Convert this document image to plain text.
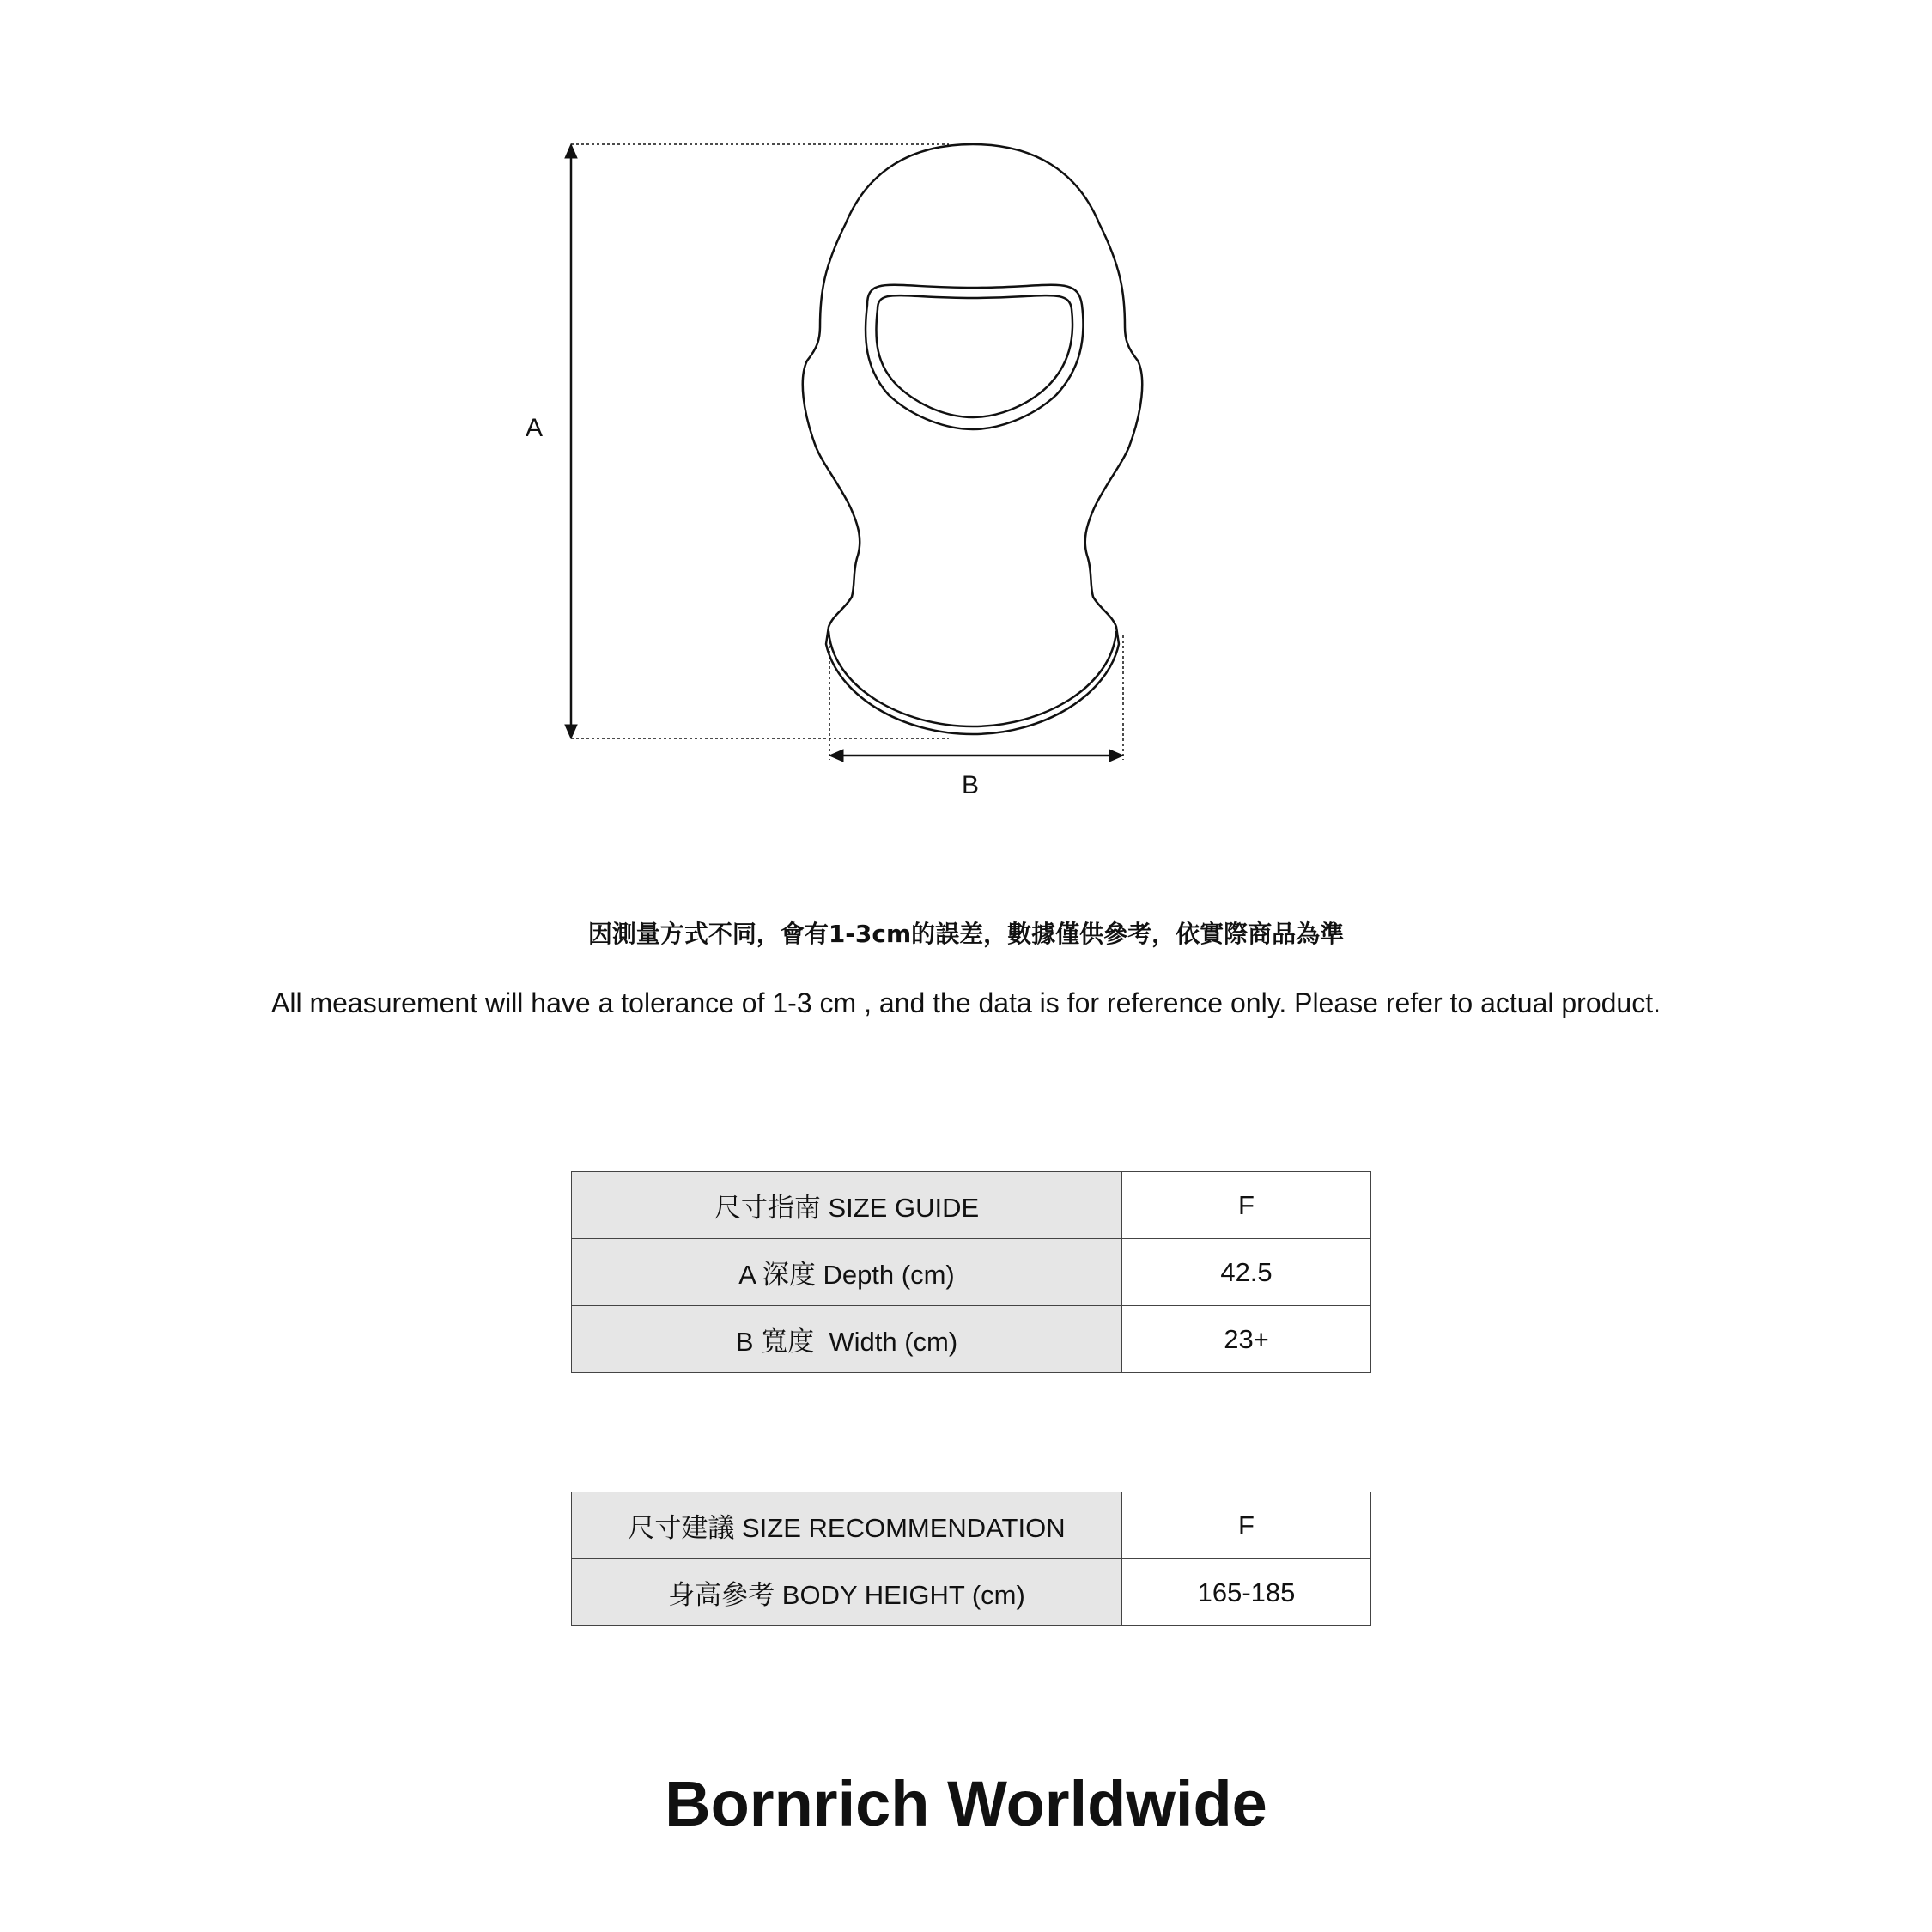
A
B
因測量方式不同，會有1-3cm的誤差，數據僅供參考，依實際商品為準
All measurement will have a tolerance of 1-3 cm , and the data is for reference only. Please refer to actual product.
尺寸指南 SIZE GUIDE	F
A 深度 Depth (cm)	42.5
B 寬度  Width (cm)	23+
尺寸建議 SIZE RECOMMENDATION	F
身高參考 BODY HEIGHT (cm)	165-185
Bornrich Worldwide
